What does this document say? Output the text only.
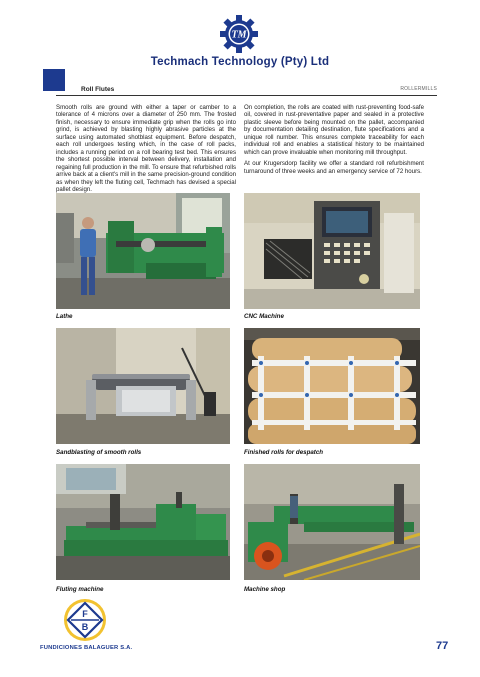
TM
Techmach Technology (Pty) Ltd
Roll Flutes	ROLLERMILLS

Smooth rolls are ground with either a taper or camber to a tolerance of 4 microns over a diameter of 250 mm. The frosted finish, necessary to ensure immediate grip when the rolls go into grind, is achieved by blasting highly abrasive particles at the surface using automated shotblast equipment. Before despatch, each roll undergoes testing which, in the case of roll packs, includes a running period on a roll bearing test bed. This ensures the shortest possible interval between delivery, installation and regaining full production in the mill. To ensure that refurbished rolls arrive back at a client's mill in the same precision-ground condition as when they left the fluting cell, Techmach has devised a special pallet design.

On completion, the rolls are coated with rust-preventing food-safe oil, covered in rust-preventative paper and sealed in a protective plastic sleeve before being mounted on the pallet, accompanied by documentation detailing destination, flute specifications and a unique roll number. This ensures complete traceability for each individual roll and enables a statistical history to be maintained which can prove invaluable when monitoring mill throughput.

At our Krugersdorp facility we offer a standard roll refurbishment turnaround of three weeks and an emergency service of 72 hours.

Lathe	CNC Machine
Sandblasting of smooth rolls	Finished rolls for despatch
Fluting machine	Machine shop
F
B
FUNDICIONES BALAGUER S.A.	77
